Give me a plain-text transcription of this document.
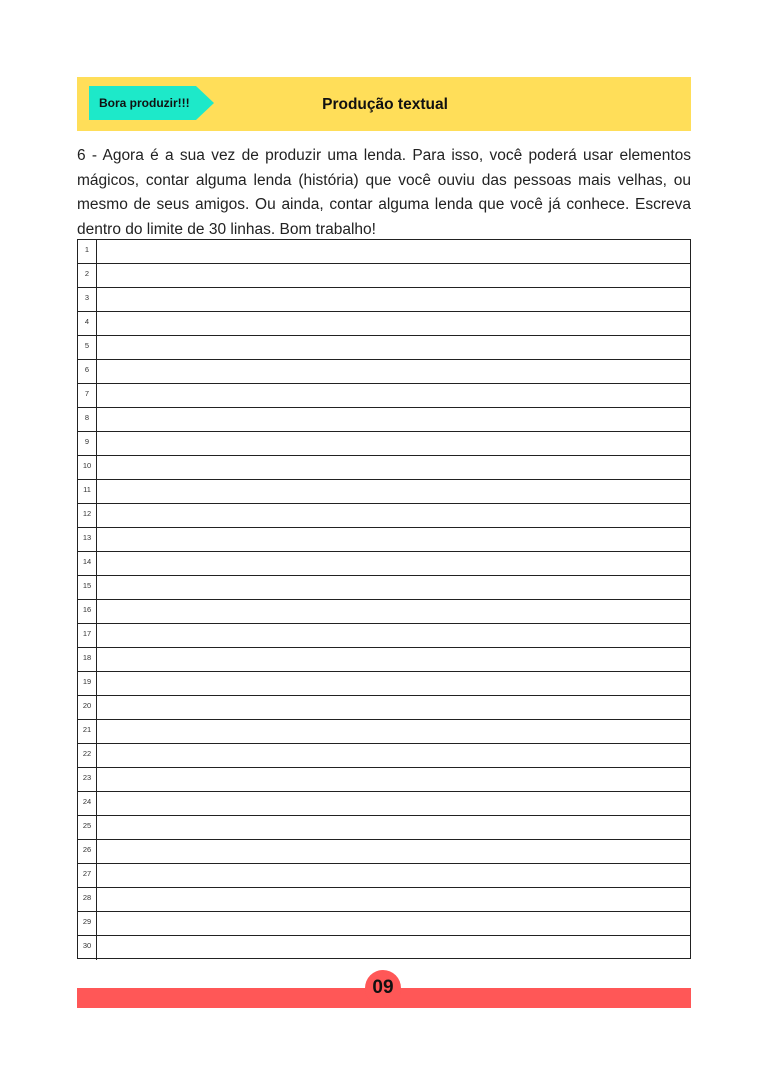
Bora produzir!!!	Produção textual
6 - Agora é a sua vez de produzir uma lenda. Para isso, você poderá usar elementos mágicos, contar alguma lenda (história) que você ouviu das pessoas mais velhas, ou mesmo de seus amigos. Ou ainda, contar alguma lenda que você já conhece. Escreva dentro do limite de 30 linhas. Bom trabalho!
1
2
3
4
5
6
7
8
9
10
11
12
13
14
15
16
17
18
19
20
21
22
23
24
25
26
27
28
29
30
09
